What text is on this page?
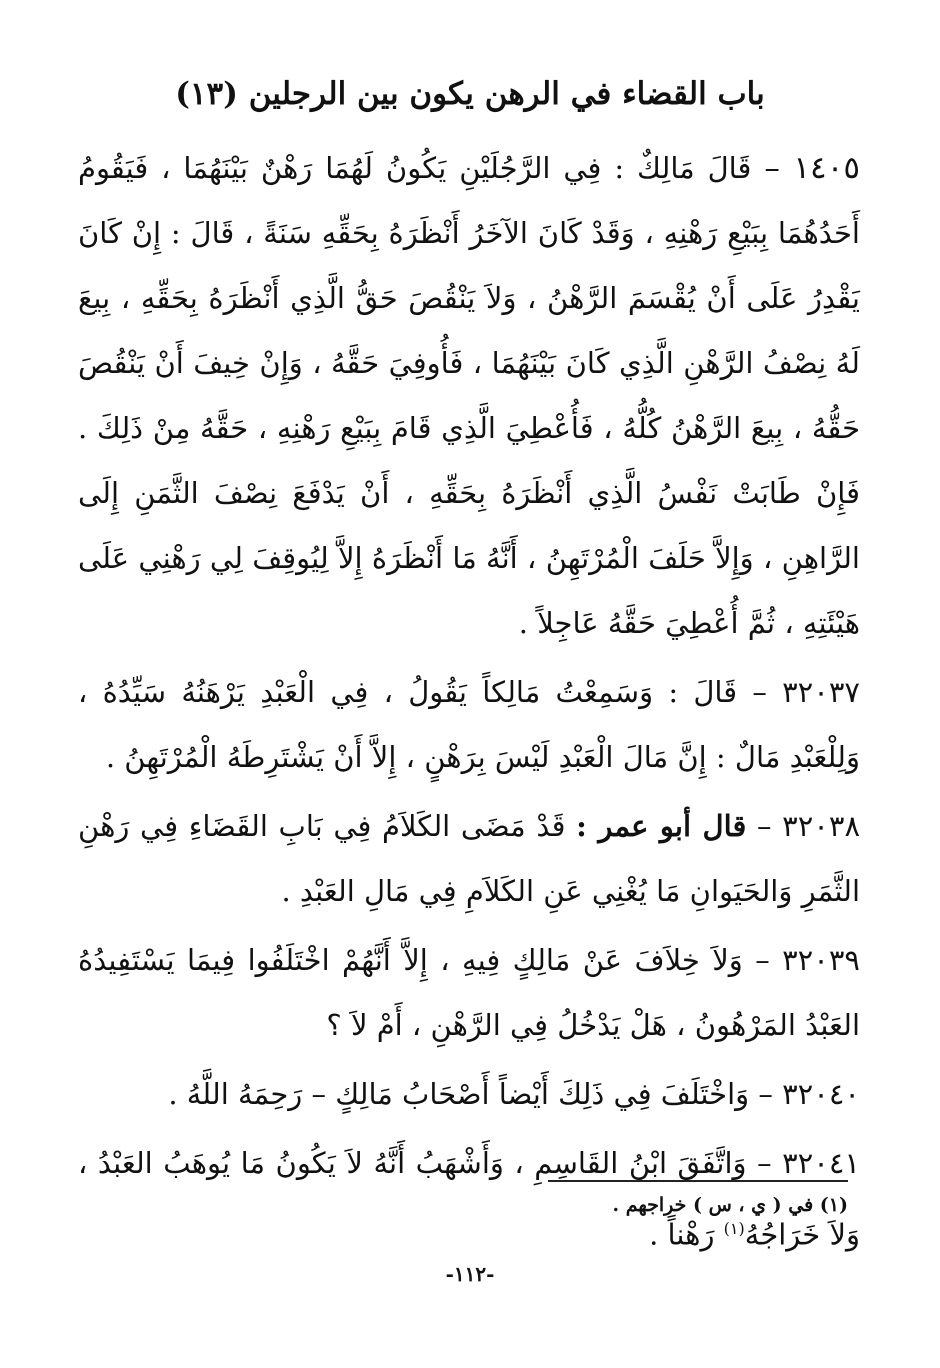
(١٣) باب القضاء في الرهن يكون بين الرجلين

١٤٠٥ – قَالَ مَالِكٌ : فِي الرَّجُلَيْنِ يَكُونُ لَهُمَا رَهْنٌ بَيْنَهُمَا ، فَيَقُومُ أَحَدُهُمَا بِبَيْعِ رَهْنِهِ ، وَقَدْ كَانَ الآخَرُ أَنْظَرَهُ بِحَقِّهِ سَنَةً ، قَالَ : إِنْ كَانَ يَقْدِرُ عَلَى أَنْ يُقْسَمَ الرَّهْنُ ، وَلاَ يَنْقُصَ حَقُّ الَّذِي أَنْظَرَهُ بِحَقِّهِ ، بِيعَ لَهُ نِصْفُ الرَّهْنِ الَّذِي كَانَ بَيْنَهُمَا ، فَأُوفِيَ حَقَّهُ ، وَإِنْ خِيفَ أَنْ يَنْقُصَ حَقُّهُ ، بِيعَ الرَّهْنُ كُلُّهُ ، فَأُعْطِيَ الَّذِي قَامَ بِبَيْعِ رَهْنِهِ ، حَقَّهُ مِنْ ذَلِكَ . فَإِنْ طَابَتْ نَفْسُ الَّذِي أَنْظَرَهُ بِحَقِّهِ ، أَنْ يَدْفَعَ نِصْفَ الثَّمَنِ إِلَى الرَّاهِنِ ، وَإِلاَّ حَلَفَ الْمُرْتَهِنُ ، أَنَّهُ مَا أَنْظَرَهُ إِلاَّ لِيُوقِفَ لِي رَهْنِي عَلَى هَيْئَتِهِ ، ثُمَّ أُعْطِيَ حَقَّهُ عَاجِلاً .

٣٢٠٣٧ – قَالَ : وَسَمِعْتُ مَالِكاً يَقُولُ ، فِي الْعَبْدِ يَرْهَنُهُ سَيِّدُهُ ، وَلِلْعَبْدِ مَالٌ : إِنَّ مَالَ الْعَبْدِ لَيْسَ بِرَهْنٍ ، إِلاَّ أَنْ يَشْتَرِطَهُ الْمُرْتَهِنُ .

٣٢٠٣٨ – قال أبو عمر : قَدْ مَضَى الكَلاَمُ فِي بَابِ القَضَاءِ فِي رَهْنِ الثَّمَرِ وَالحَيَوانِ مَا يُغْنِي عَنِ الكَلاَمِ فِي مَالِ العَبْدِ .

٣٢٠٣٩ – وَلاَ خِلاَفَ عَنْ مَالِكٍ فِيهِ ، إِلاَّ أَنَّهُمْ اخْتَلَفُوا فِيمَا يَسْتَفِيدُهُ العَبْدُ المَرْهُونُ ، هَلْ يَدْخُلُ فِي الرَّهْنِ ، أَمْ لاَ ؟

٣٢٠٤٠ – وَاخْتَلَفَ فِي ذَلِكَ أَيْضاً أَصْحَابُ مَالِكٍ – رَحِمَهُ اللَّهُ .

٣٢٠٤١ – وَاتَّفَقَ ابْنُ القَاسِمِ ، وَأَشْهَبُ أَنَّهُ لاَ يَكُونُ مَا يُوهَبُ العَبْدُ ، وَلاَ خَرَاجُهُ$^{(١)}$ رَهْناً .

(١) في ( ي ، س ) خراجهم .
-١١٢-
